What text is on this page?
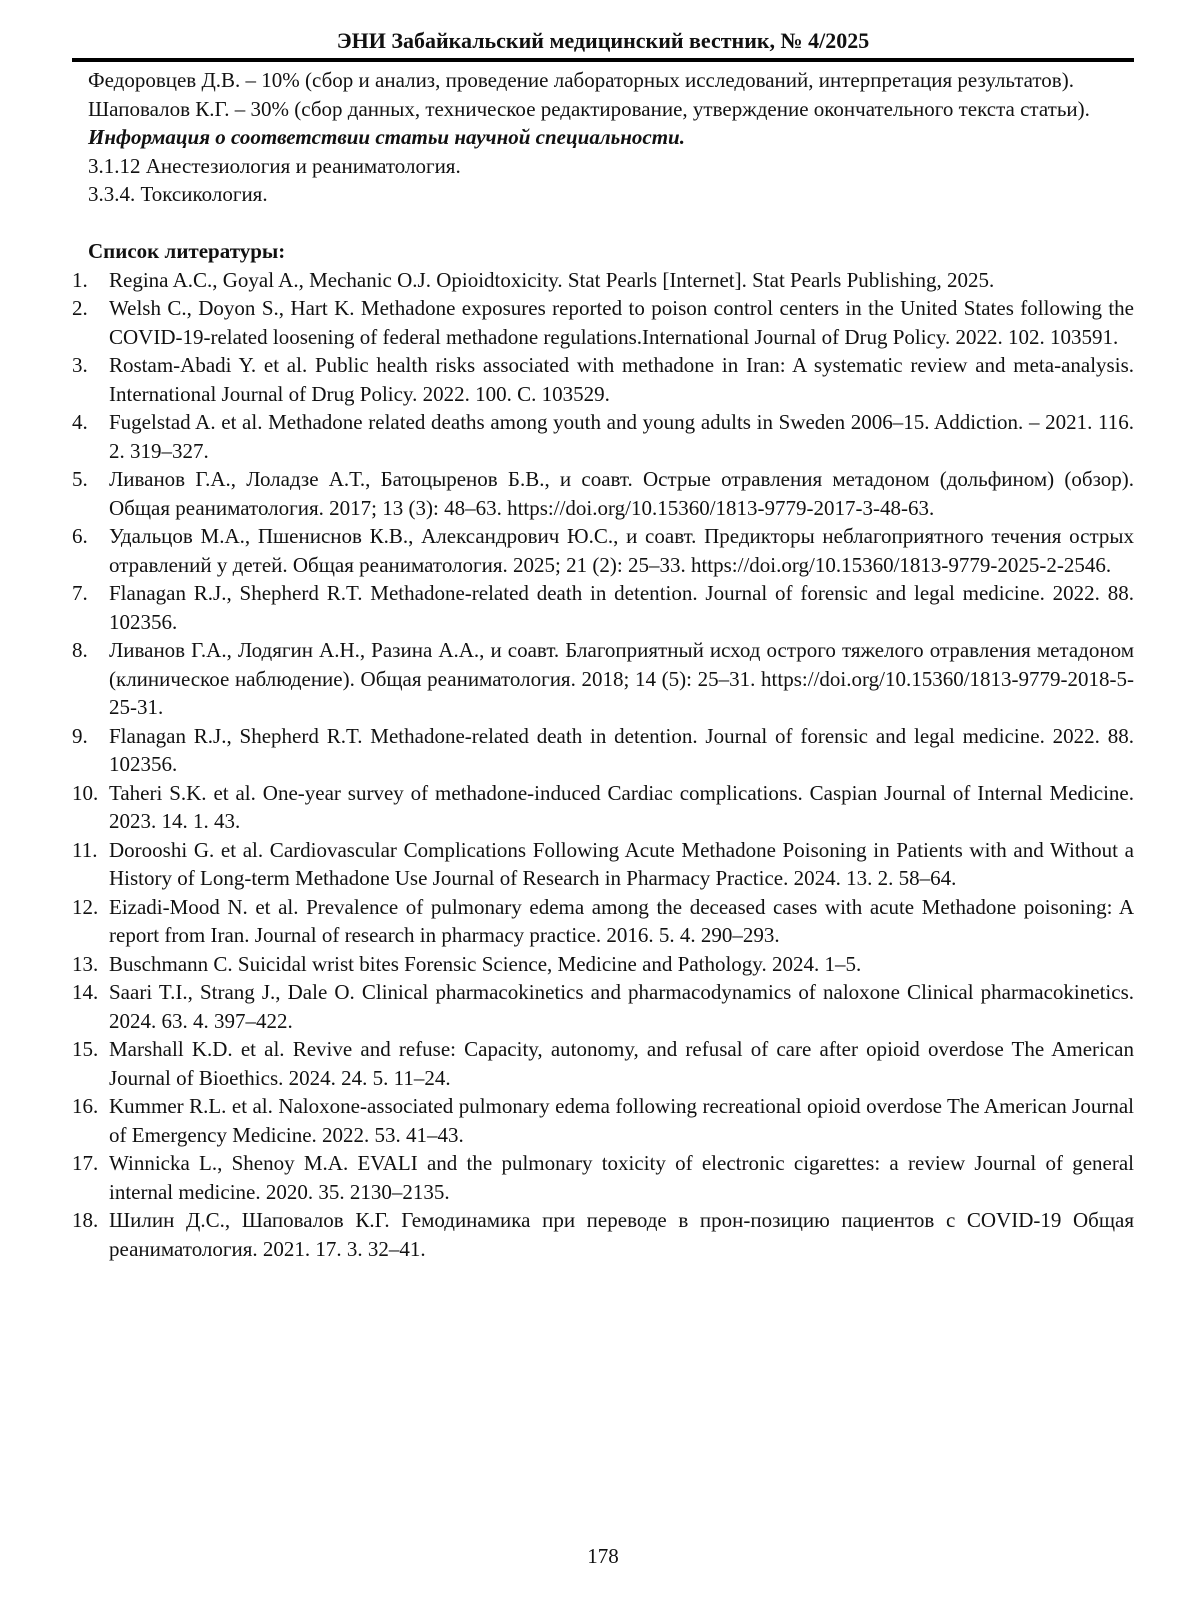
ЭНИ Забайкальский медицинский вестник, № 4/2025

Федоровцев Д.В. – 10% (сбор и анализ, проведение лабораторных исследований, интерпретация результатов).

Шаповалов К.Г. – 30% (сбор данных, техническое редактирование, утверждение окончательного текста статьи).

Информация о соответствии статьи научной специальности.

3.1.12 Анестезиология и реаниматология.

3.3.4. Токсикология.

Список литературы:

1.	Regina A.C., Goyal A., Mechanic O.J. Opioidtoxicity. Stat Pearls [Internet]. Stat Pearls Publishing, 2025.
2.	Welsh C., Doyon S., Hart K. Methadone exposures reported to poison control centers in the United States following the COVID-19-related loosening of federal methadone regulations.International Journal of Drug Policy. 2022. 102. 103591.
3.	Rostam-Abadi Y. et al. Public health risks associated with methadone in Iran: A systematic review and meta-analysis. International Journal of Drug Policy. 2022. 100. С. 103529.
4.	Fugelstad A. et al. Methadone related deaths among youth and young adults in Sweden 2006–15. Addiction. – 2021. 116. 2. 319–327.
5.	Ливанов Г.А., Лоладзе А.Т., Батоцыренов Б.В., и соавт. Острые отравления метадоном (дольфином) (обзор). Общая реаниматология. 2017; 13 (3): 48–63. https://doi.org/10.15360/1813-9779-2017-3-48-63.
6.	Удальцов М.А., Пшениснов К.В., Александрович Ю.С., и соавт. Предикторы неблагоприятного течения острых отравлений у детей. Общая реаниматология. 2025; 21 (2): 25–33. https://doi.org/10.15360/1813-9779-2025-2-2546.
7.	Flanagan R.J., Shepherd R.T. Methadone-related death in detention. Journal of forensic and legal medicine. 2022. 88. 102356.
8.	Ливанов Г.А., Лодягин А.Н., Разина А.А., и соавт. Благоприятный исход острого тяжелого отравления метадоном (клиническое наблюдение). Общая реаниматология. 2018; 14 (5): 25–31. https://doi.org/10.15360/1813-9779-2018-5-25-31.
9.	Flanagan R.J., Shepherd R.T. Methadone-related death in detention. Journal of forensic and legal medicine. 2022. 88. 102356.
10. Taheri S.K. et al. One-year survey of methadone-induced Cardiac complications. Caspian Journal of Internal Medicine. 2023. 14. 1. 43.
11. Dorooshi G. et al. Cardiovascular Complications Following Acute Methadone Poisoning in Patients with and Without a History of Long-term Methadone Use Journal of Research in Pharmacy Practice. 2024. 13. 2. 58–64.
12. Eizadi-Mood N. et al. Prevalence of pulmonary edema among the deceased cases with acute Methadone poisoning: A report from Iran. Journal of research in pharmacy practice. 2016. 5. 4. 290–293.
13. Buschmann C. Suicidal wrist bites Forensic Science, Medicine and Pathology. 2024. 1–5.
14. Saari T.I., Strang J., Dale O. Clinical pharmacokinetics and pharmacodynamics of naloxone Clinical pharmacokinetics. 2024. 63. 4. 397–422.
15. Marshall K.D. et al. Revive and refuse: Capacity, autonomy, and refusal of care after opioid overdose The American Journal of Bioethics. 2024. 24. 5. 11–24.
16. Kummer R.L. et al. Naloxone-associated pulmonary edema following recreational opioid overdose The American Journal of Emergency Medicine. 2022. 53. 41–43.
17. Winnicka L., Shenoy M.A. EVALI and the pulmonary toxicity of electronic cigarettes: a review Journal of general internal medicine. 2020. 35. 2130–2135.
18. Шилин Д.С., Шаповалов К.Г. Гемодинамика при переводе в прон-позицию пациентов с COVID-19 Общая реаниматология. 2021. 17. 3. 32–41.
178
